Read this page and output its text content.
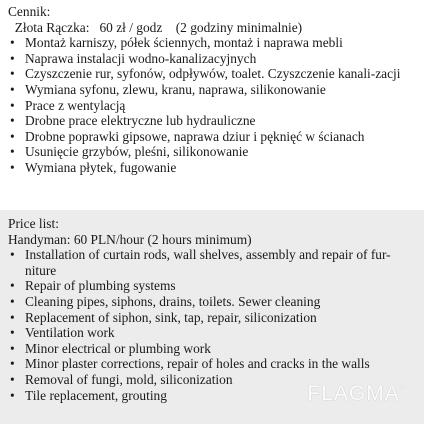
Cennik:
Złota Rączka:   60 zł / godz    (2 godziny minimalnie)
• Montaż karniszy, półek ściennych, montaż i naprawa mebli
• Naprawa instalacji wodno-kanalizacyjnych
• Czyszczenie rur, syfonów, odpływów, toalet. Czyszczenie kanali-zacji
• Wymiana syfonu, zlewu, kranu, naprawa, silikonowanie
• Prace z wentylacją
• Drobne prace elektryczne lub hydrauliczne
• Drobne poprawki gipsowe, naprawa dziur i pęknięć w ścianach
• Usunięcie grzybów, pleśni, silikonowanie
• Wymiana płytek, fugowanie
Price list:
Handyman: 60 PLN/hour (2 hours minimum)
• Installation of curtain rods, wall shelves, assembly and repair of fur-niture
• Repair of plumbing systems
• Cleaning pipes, siphons, drains, toilets. Sewer cleaning
• Replacement of siphon, sink, tap, repair, siliconization
• Ventilation work
• Minor electrical or plumbing work
• Minor plaster corrections, repair of holes and cracks in the walls
• Removal of fungi, mold, siliconization
• Tile replacement, grouting	FLAGMA+
